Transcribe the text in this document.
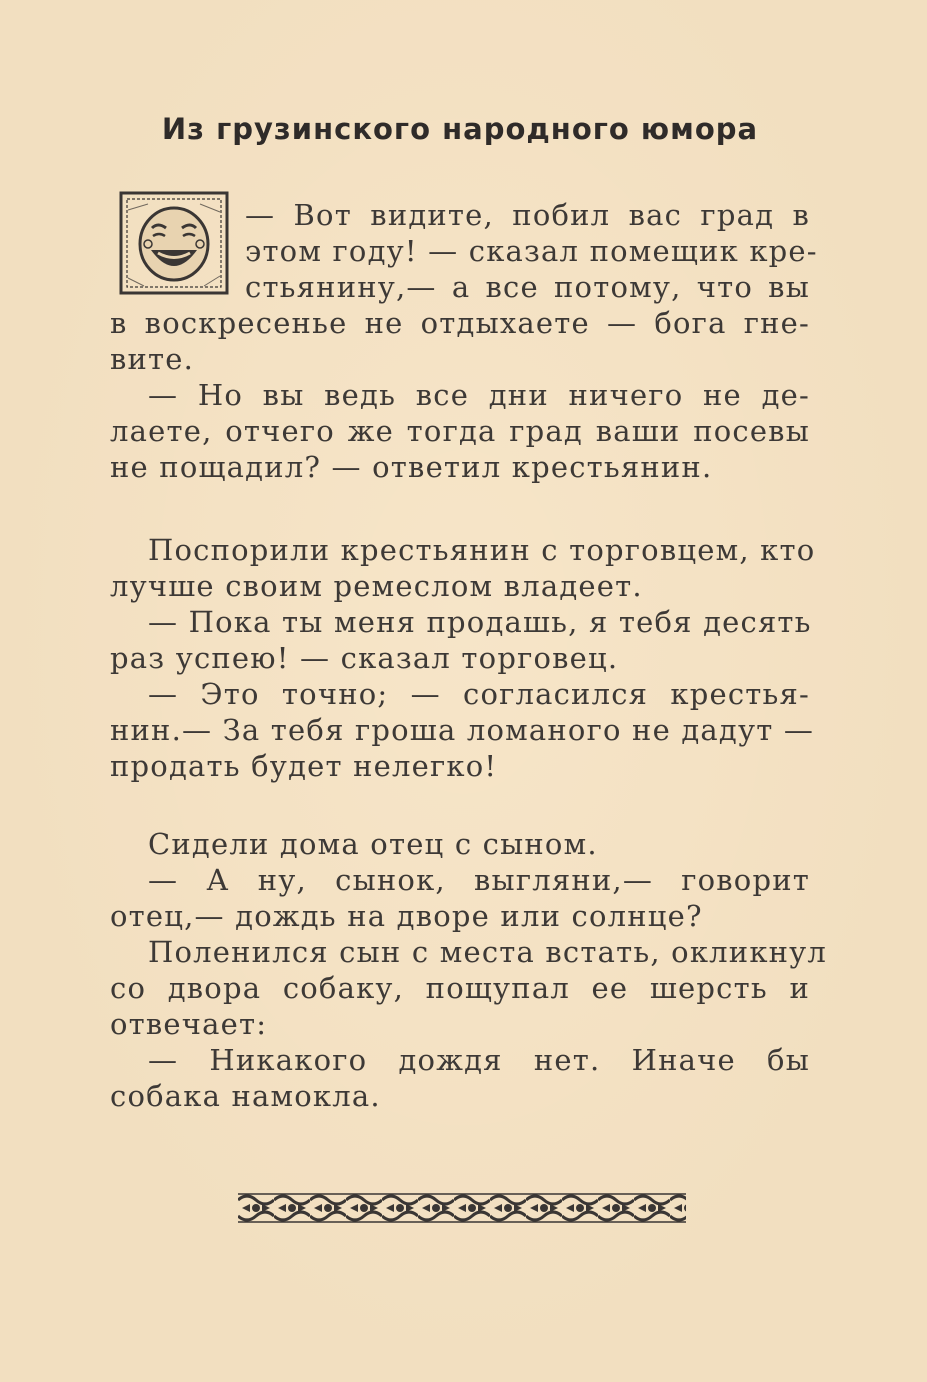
Из грузинского народного юмора
— Вот видите, побил вас град в
этом году! — сказал помещик кре-
стьянину,— а все потому, что вы
в воскресенье не отдыхаете — бога гне-
вите.
— Но вы ведь все дни ничего не де-
лаете, отчего же тогда град ваши посевы
не пощадил? — ответил крестьянин.
Поспорили крестьянин с торговцем, кто
лучше своим ремеслом владеет.
— Пока ты меня продашь, я тебя десять
раз успею! — сказал торговец.
— Это точно; — согласился крестья-
нин.— За тебя гроша ломаного не дадут —
продать будет нелегко!
Сидели дома отец с сыном.
— А ну, сынок, выгляни,— говорит
отец,— дождь на дворе или солнце?
Поленился сын с места встать, окликнул
со двора собаку, пощупал ее шерсть и
отвечает:
— Никакого дождя нет. Иначе бы
собака намокла.
